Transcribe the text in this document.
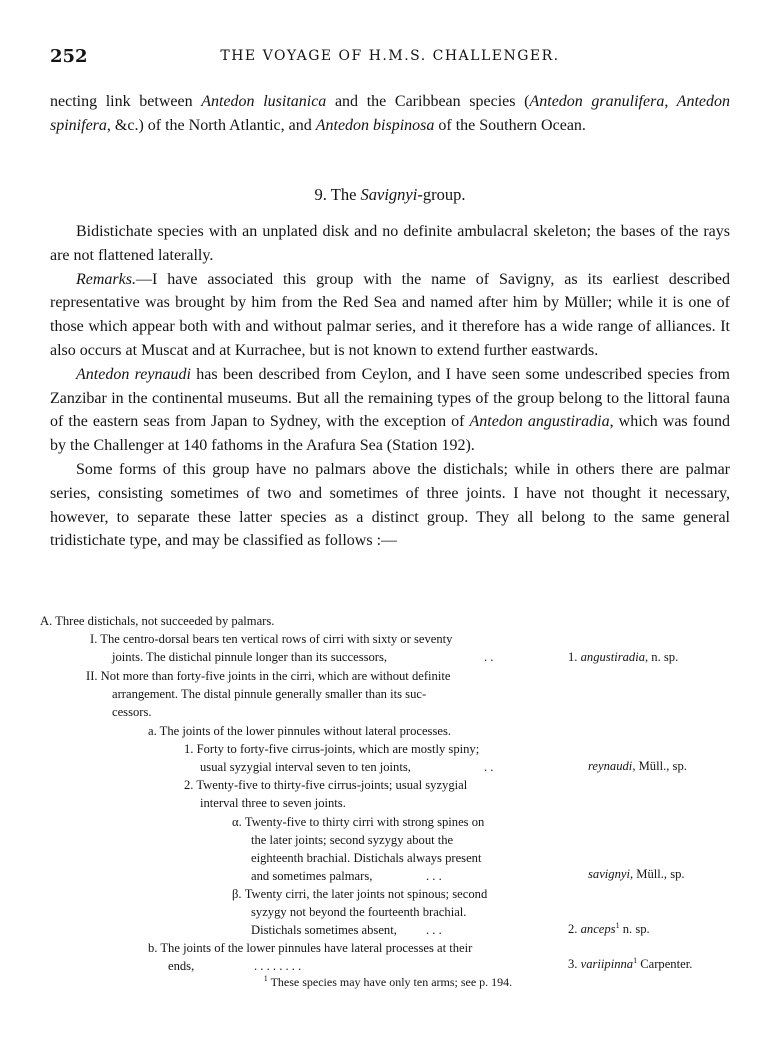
252	THE VOYAGE OF H.M.S. CHALLENGER.

necting link between Antedon lusitanica and the Caribbean species (Antedon granulifera, Antedon spinifera, &c.) of the North Atlantic, and Antedon bispinosa of the Southern Ocean.

9. The Savignyi-group.

Bidistichate species with an unplated disk and no definite ambulacral skeleton; the bases of the rays are not flattened laterally.

Remarks.—I have associated this group with the name of Savigny, as its earliest described representative was brought by him from the Red Sea and named after him by Müller; while it is one of those which appear both with and without palmar series, and it therefore has a wide range of alliances. It also occurs at Muscat and at Kurrachee, but is not known to extend further eastwards.

Antedon reynaudi has been described from Ceylon, and I have seen some undescribed species from Zanzibar in the continental museums. But all the remaining types of the group belong to the littoral fauna of the eastern seas from Japan to Sydney, with the exception of Antedon angustiradia, which was found by the Challenger at 140 fathoms in the Arafura Sea (Station 192).

Some forms of this group have no palmars above the distichals; while in others there are palmar series, consisting sometimes of two and sometimes of three joints. I have not thought it necessary, however, to separate these latter species as a distinct group. They all belong to the same general tridistichate type, and may be classified as follows :—

A. Three distichals, not succeeded by palmars.
I. The centro-dorsal bears ten vertical rows of cirri with sixty or seventy
joints. The distichal pinnule longer than its successors,	. .	1. angustiradia, n. sp.
II. Not more than forty-five joints in the cirri, which are without definite
arrangement. The distal pinnule generally smaller than its suc-
cessors.
a. The joints of the lower pinnules without lateral processes.
1. Forty to forty-five cirrus-joints, which are mostly spiny;
usual syzygial interval seven to ten joints,	. .	reynaudi, Müll., sp.
2. Twenty-five to thirty-five cirrus-joints; usual syzygial
interval three to seven joints.
α. Twenty-five to thirty cirri with strong spines on
the later joints; second syzygy about the
eighteenth brachial. Distichals always present
and sometimes palmars,	. . .	savignyi, Müll., sp.
β. Twenty cirri, the later joints not spinous; second
syzygy not beyond the fourteenth brachial.
Distichals sometimes absent, . . .	2. anceps$^1$ n. sp.
b. The joints of the lower pinnules have lateral processes at their
ends,	. . . . . . . .	3. variipinna$^1$ Carpenter.
$^1$ These species may have only ten arms; see p. 194.
